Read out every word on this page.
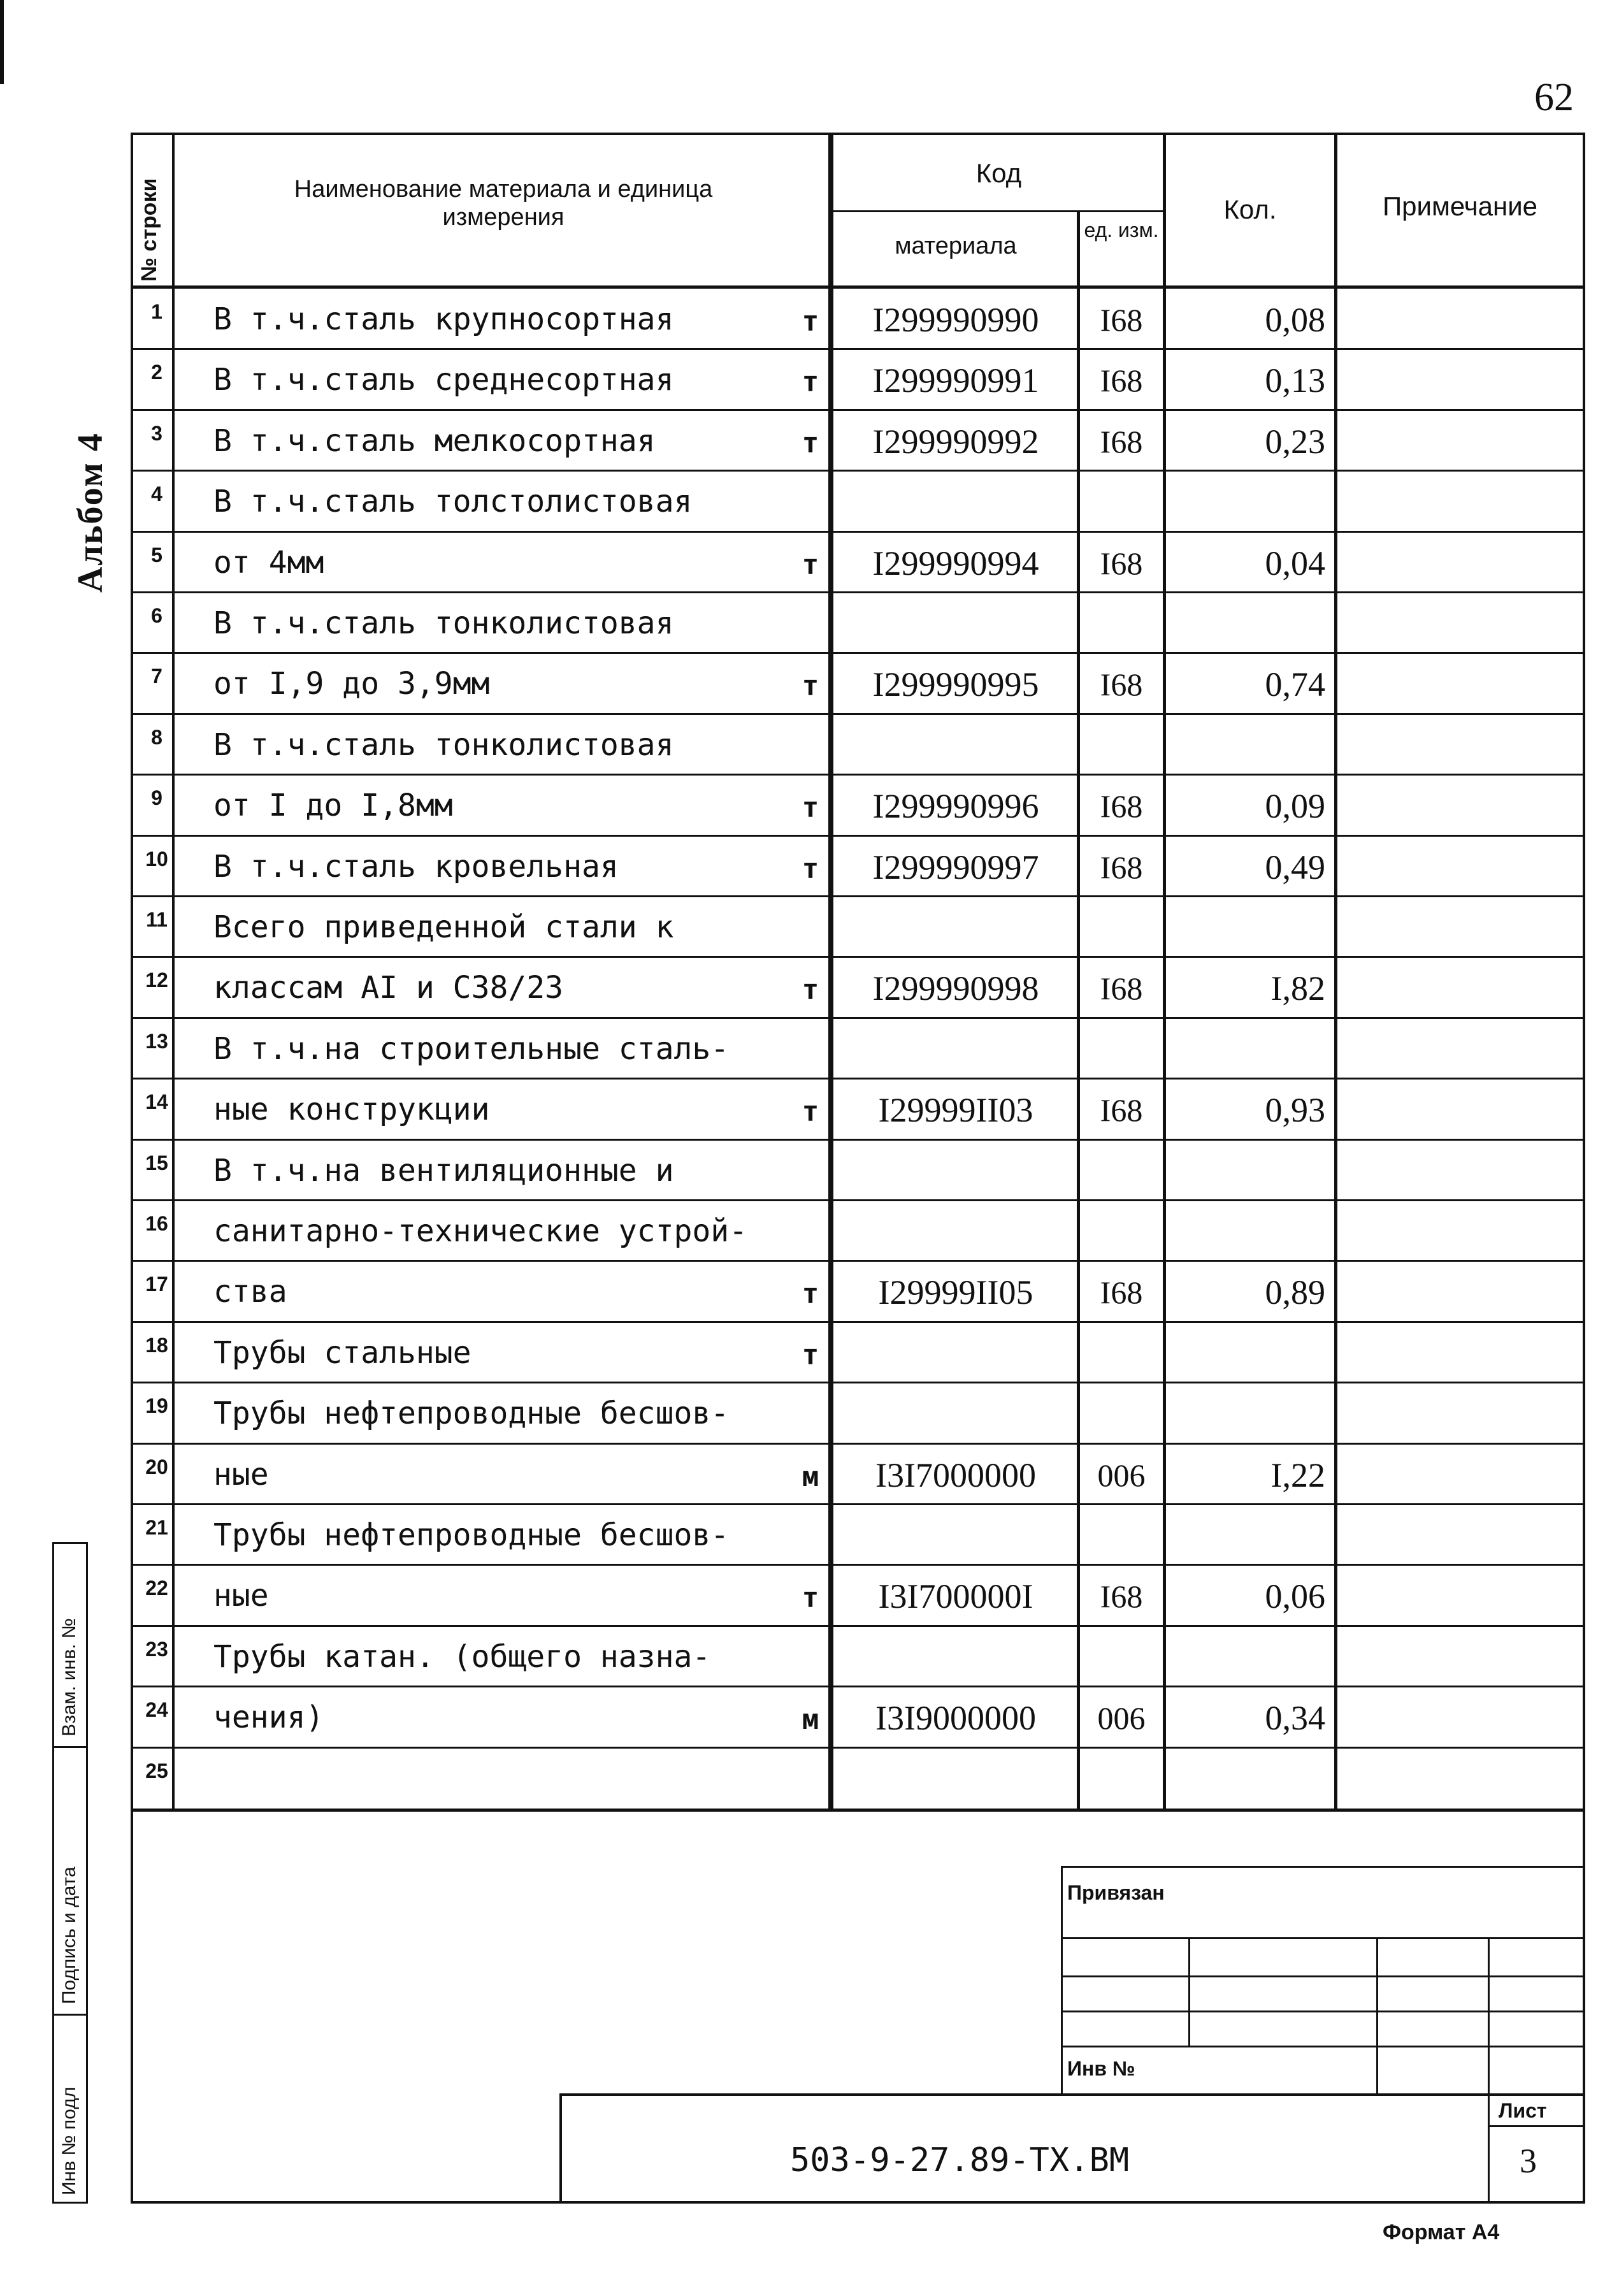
62
Альбом 4
Взам. инв. №
Подпись и дата
Инв № подл
№ строки	Наименование материала и единица измерения
Код
материала
ед. изм.
Кол.	Примечание
1	В т.ч.сталь крупносортная	т	I299990990	I68	0,08
2	В т.ч.сталь среднесортная	т	I299990991	I68	0,13
3	В т.ч.сталь мелкосортная	т	I299990992	I68	0,23
4	В т.ч.сталь толстолистовая
5	от 4мм	т	I299990994	I68	0,04
6	В т.ч.сталь тонколистовая
7	от I,9 до 3,9мм	т	I299990995	I68	0,74
8	В т.ч.сталь тонколистовая
9	от I до I,8мм	т	I299990996	I68	0,09
10 В т.ч.сталь кровельная	т	I299990997	I68	0,49
11 Всего приведенной стали к
12 классам AI и C38/23	т	I299990998	I68	I,82
13 В т.ч.на строительные сталь-
14 ные конструкции	т	I29999II03	I68	0,93
15 В т.ч.на вентиляционные и
16 санитарно-технические устрой-
17 ства	т	I29999II05	I68	0,89
18 Трубы стальные	т
19 Трубы нефтепроводные бесшов-
20 ные	м	I3I7000000	006	I,22
21 Трубы нефтепроводные бесшов-
22 ные	т	I3I700000I	I68	0,06
23 Трубы катан. (общего назна-
24 чения)	м	I3I9000000	006	0,34
25
Привязан
Инв №
Лист
3
503-9-27.89-TX.BM
Формат А4
